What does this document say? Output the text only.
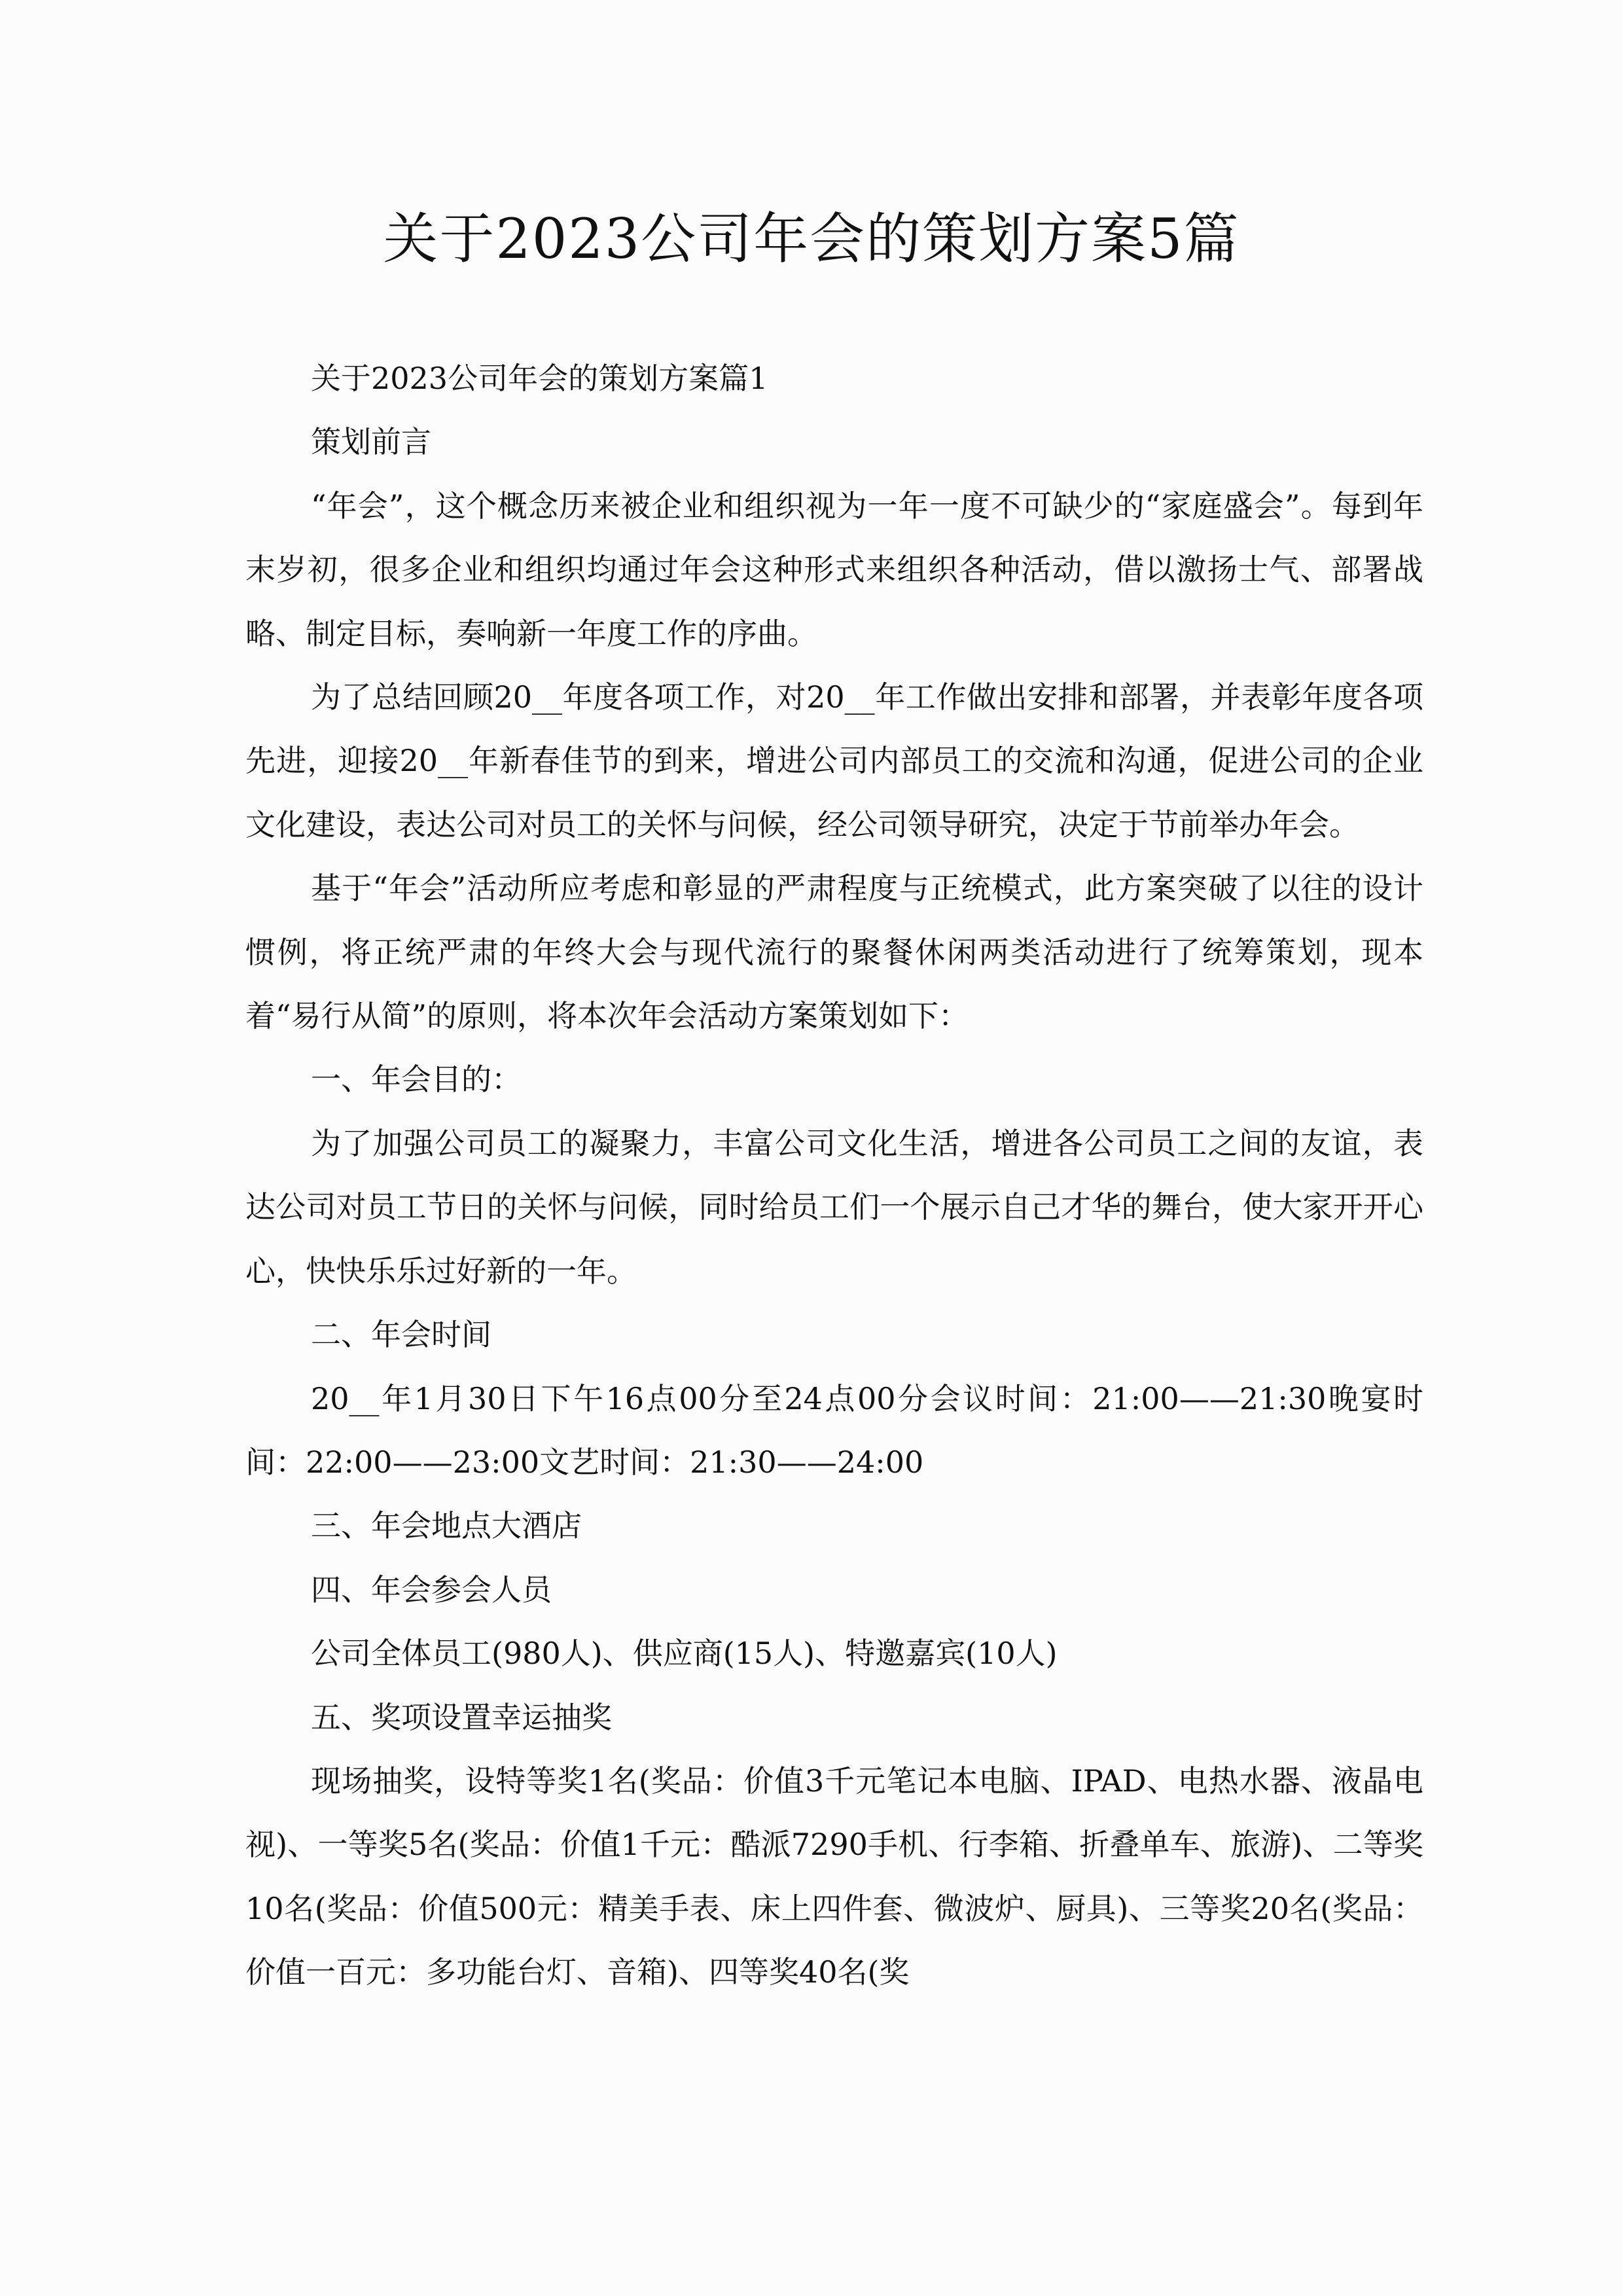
关于2023公司年会的策划方案5篇

关于2023公司年会的策划方案篇1

策划前言

“年会”，这个概念历来被企业和组织视为一年一度不可缺少的“家庭盛会”。每到年末岁初，很多企业和组织均通过年会这种形式来组织各种活动，借以激扬士气、部署战略、制定目标，奏响新一年度工作的序曲。

为了总结回顾20__年度各项工作，对20__年工作做出安排和部署，并表彰年度各项先进，迎接20__年新春佳节的到来，增进公司内部员工的交流和沟通，促进公司的企业文化建设，表达公司对员工的关怀与问候，经公司领导研究，决定于节前举办年会。

基于“年会”活动所应考虑和彰显的严肃程度与正统模式，此方案突破了以往的设计惯例，将正统严肃的年终大会与现代流行的聚餐休闲两类活动进行了统筹策划，现本着“易行从简”的原则，将本次年会活动方案策划如下：

一、年会目的：

为了加强公司员工的凝聚力，丰富公司文化生活，增进各公司员工之间的友谊，表达公司对员工节日的关怀与问候，同时给员工们一个展示自己才华的舞台，使大家开开心心，快快乐乐过好新的一年。

二、年会时间

20__年1月30日下午16点00分至24点00分会议时间：21:00——21:30晚宴时间：22:00——23:00文艺时间：21:30——24:00

三、年会地点大酒店

四、年会参会人员

公司全体员工(980人)、供应商(15人)、特邀嘉宾(10人)

五、奖项设置幸运抽奖

现场抽奖，设特等奖1名(奖品：价值3千元笔记本电脑、IPAD、电热水器、液晶电视)、一等奖5名(奖品：价值1千元：酷派7290手机、行李箱、折叠单车、旅游)、二等奖10名(奖品：价值500元：精美手表、床上四件套、微波炉、厨具)、三等奖20名(奖品：价值一百元：多功能台灯、音箱)、四等奖40名(奖
